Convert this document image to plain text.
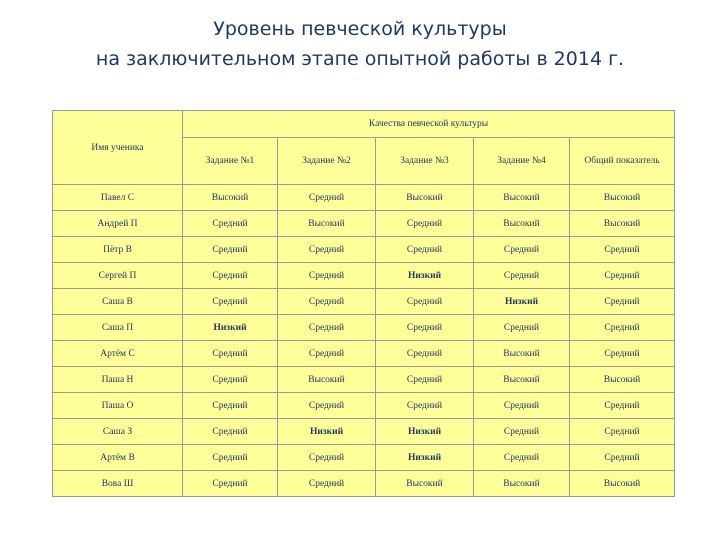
Уровень певческой культуры
на заключительном этапе опытной работы в 2014 г.
Имя ученика	Качества певческой культуры				
	Задание №1	Задание №2	Задание №3	Задание №4	Общий показатель
Павел С	Высокий	Средний	Высокий	Высокий	Высокий
Андрей П	Средний	Высокий	Средний	Высокий	Высокий
Пётр В	Средний	Средний	Средний	Средний	Средний
Сергей П	Средний	Средний	Низкий	Средний	Средний
Саша В	Средний	Средний	Средний	Низкий	Средний
Саша П	Низкий	Средний	Средний	Средний	Средний
Артём С	Средний	Средний	Средний	Высокий	Средний
Паша Н	Средний	Высокий	Средний	Высокий	Высокий
Паша О	Средний	Средний	Средний	Средний	Средний
Саша З	Средний	Низкий	Низкий	Средний	Средний
Артём В	Средний	Средний	Низкий	Средний	Средний
Вова Ш	Средний	Средний	Высокий	Высокий	Высокий
